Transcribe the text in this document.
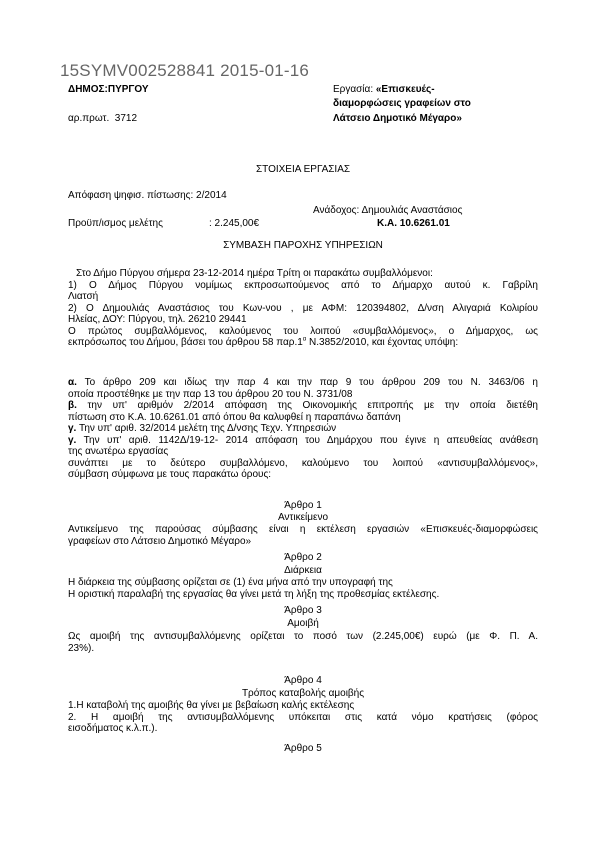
15SYMV002528841 2015-01-16
ΔΗΜΟΣ:ΠΥΡΓΟΥ
αρ.πρωτ. 3712
Εργασία: «Επισκευές-
διαμορφώσεις γραφείων στο
Λάτσειο Δημοτικό Μέγαρο»
ΣΤΟΙΧΕΙΑ ΕΡΓΑΣΙΑΣ
Απόφαση ψηφισ. πίστωσης: 2/2014
Ανάδοχος: Δημουλιάς Αναστάσιος
Προϋπ/ισμος μελέτης	: 2.245,00€	Κ.Α. 10.6261.01
ΣΥΜΒΑΣΗ ΠΑΡΟΧΗΣ ΥΠΗΡΕΣΙΩΝ
Στο Δήμο Πύργου σήμερα 23-12-2014 ημέρα Τρίτη οι παρακάτω συμβαλλόμενοι:
1) Ο Δήμος Πύργου νομίμως εκπροσωπούμενος από το Δήμαρχο αυτού κ. Γαβρίλη
Λιατσή
2) Ο Δημουλιάς Αναστάσιος του Κων-νου , με ΑΦΜ: 120394802, Δ/νση Αλιγαριά Κολιρίου
Ηλείας, ΔΟΥ: Πύργου, τηλ. 26210 29441
Ο πρώτος συμβαλλόμενος, καλούμενος του λοιπού «συμβαλλόμενος», ο Δήμαρχος, ως
εκπρόσωπος του Δήμου, βάσει του άρθρου 58 $\pi\alpha\rho.1^\alpha$ Ν.3852/2010, και έχοντας υπόψη:
α. Το άρθρο 209 και ιδίως την παρ 4 και την παρ 9 του άρθρου 209 του Ν. 3463/06 η
οποία προστέθηκε με την παρ 13 του άρθρου 20 του Ν. 3731/08
β. την υπ' αριθμόν 2/2014 απόφαση της Οικονομικής επιτροπής με την οποία διετέθη
πίστωση στο Κ.Α. 10.6261.01 από όπου θα καλυφθεί η παραπάνω δαπάνη
γ. Την υπ' αριθ. 32/2014 μελέτη της Δ/νσης Τεχν. Υπηρεσιών
γ. Την υπ' αριθ. 1142Δ/19-12- 2014 απόφαση του Δημάρχου που έγινε η απευθείας ανάθεση
της ανωτέρω εργασίας
συνάπτει με το δεύτερο συμβαλλόμενο, καλούμενο του λοιπού «αντισυμβαλλόμενος»,
σύμβαση σύμφωνα με τους παρακάτω όρους:
Άρθρο 1
Αντικείμενο
Αντικείμενο της παρούσας σύμβασης είναι η εκτέλεση εργασιών «Επισκευές-διαμορφώσεις
γραφείων στο Λάτσειο Δημοτικό Μέγαρο»
Άρθρο 2
Διάρκεια
Η διάρκεια της σύμβασης ορίζεται σε (1) ένα μήνα από την υπογραφή της
Η οριστική παραλαβή της εργασίας θα γίνει μετά τη λήξη της προθεσμίας εκτέλεσης.
Άρθρο 3
Αμοιβή
Ως αμοιβή της αντισυμβαλλόμενης ορίζεται το ποσό των (2.245,00€) ευρώ (με Φ. Π. Α.
23%).
Άρθρο 4
Τρόπος καταβολής αμοιβής
1.Η καταβολή της αμοιβής θα γίνει με βεβαίωση καλής εκτέλεσης
2. Η αμοιβή της αντισυμβαλλόμενης υπόκειται στις κατά νόμο κρατήσεις (φόρος
εισοδήματος κ.λ.π.).
Άρθρο 5
